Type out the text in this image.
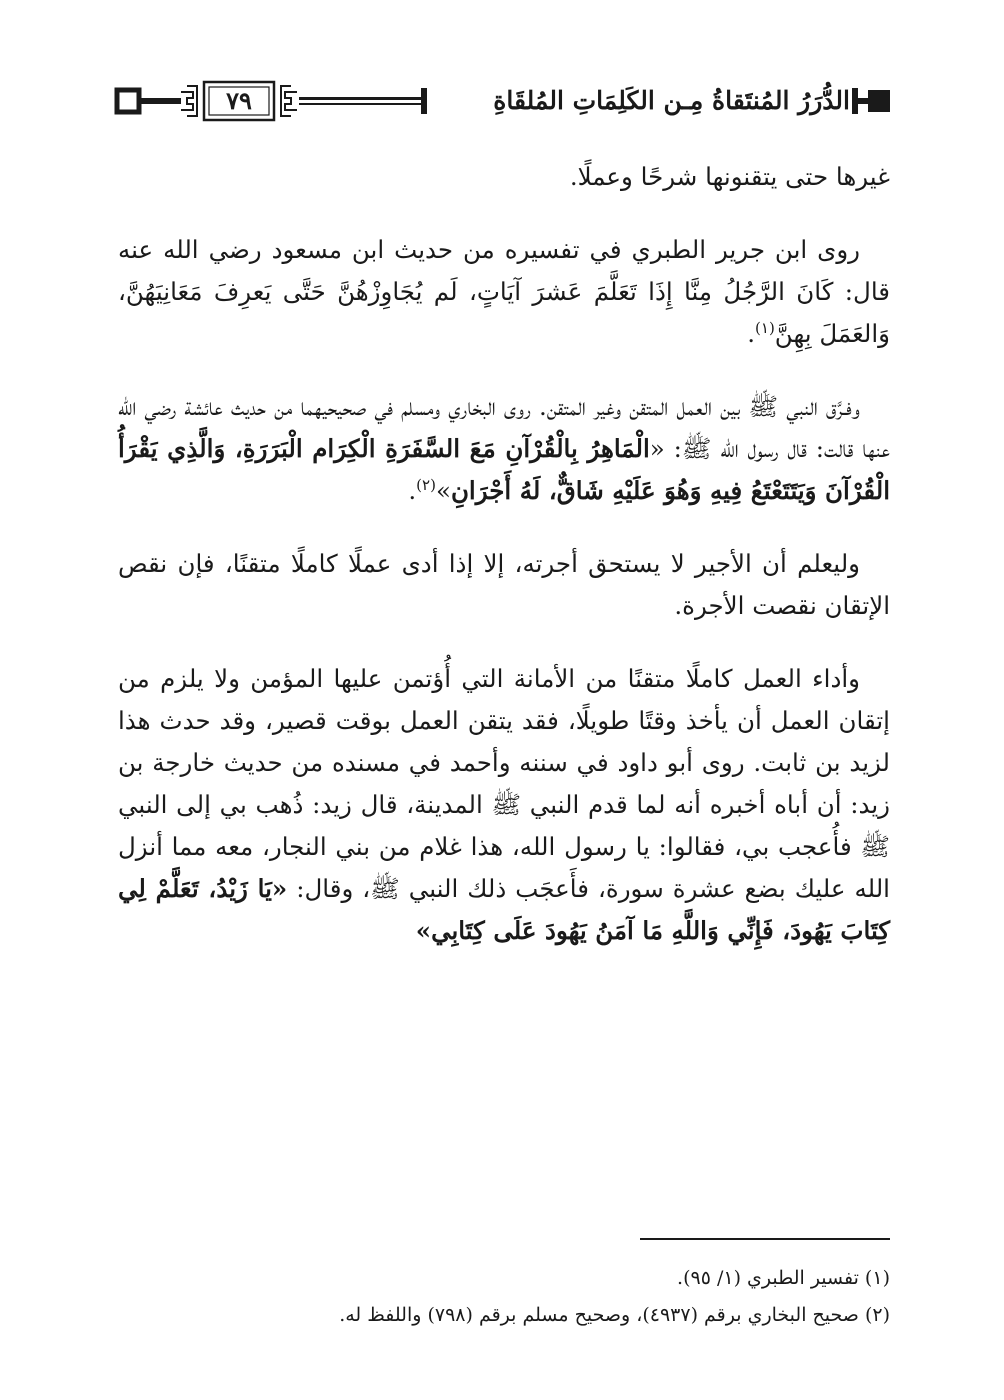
٧٩	الدُّرَرُ المُنتَقاةُ مِـن الكَلِمَاتِ المُلقَاةِ

غيرها حتى يتقنونها شرحًا وعملًا.

روى ابن جرير الطبري في تفسيره من حديث ابن مسعود رضي الله عنه قال: كَانَ الرَّجُلُ مِنَّا إِذَا تَعَلَّمَ عَشرَ آيَاتٍ، لَم يُجَاوِزْهُنَّ حَتَّى يَعرِفَ مَعَانِيَهُنَّ، وَالعَمَلَ بِهِنَّ$^{(١)}$.

وفـرَّق النبي ﷺ بين العمل المتقن وغير المتقن. روى البخاري ومسلم في صحيحيهما من حديث عائشة رضي الله عنها قالت: قال رسول الله ﷺ: «الْمَاهِرُ بِالْقُرْآنِ مَعَ السَّفَرَةِ الْكِرَام الْبَرَرَةِ، وَالَّذِي يَقْرَأُ الْقُرْآنَ وَيَتَتَعْتَعُ فِيهِ وَهُوَ عَلَيْهِ شَاقٌّ، لَهُ أَجْرَانِ»$^{(٢)}$.

وليعلم أن الأجير لا يستحق أجرته، إلا إذا أدى عملًا كاملًا متقنًا، فإن نقص الإتقان نقصت الأجرة.

وأداء العمل كاملًا متقنًا من الأمانة التي أُؤتمن عليها المؤمن ولا يلزم من إتقان العمل أن يأخذ وقتًا طويلًا، فقد يتقن العمل بوقت قصير، وقد حدث هذا لزيد بن ثابت. روى أبو داود في سننه وأحمد في مسنده من حديث خارجة بن زيد: أن أباه أخبره أنه لما قدم النبي ﷺ المدينة، قال زيد: ذُهب بي إلى النبي ﷺ فأُعجب بي، فقالوا: يا رسول الله، هذا غلام من بني النجار، معه مما أنزل الله عليك بضع عشرة سورة، فأَعجَب ذلك النبي ﷺ، وقال: «يَا زَيْدُ، تَعَلَّمْ لِي كِتَابَ يَهُودَ، فَإِنِّي وَاللَّهِ مَا آمَنُ يَهُودَ عَلَى كِتَابِي»

(١) تفسير الطبري (١/ ٩٥).
(٢) صحيح البخاري برقم (٤٩٣٧)، وصحيح مسلم برقم (٧٩٨) واللفظ له.
